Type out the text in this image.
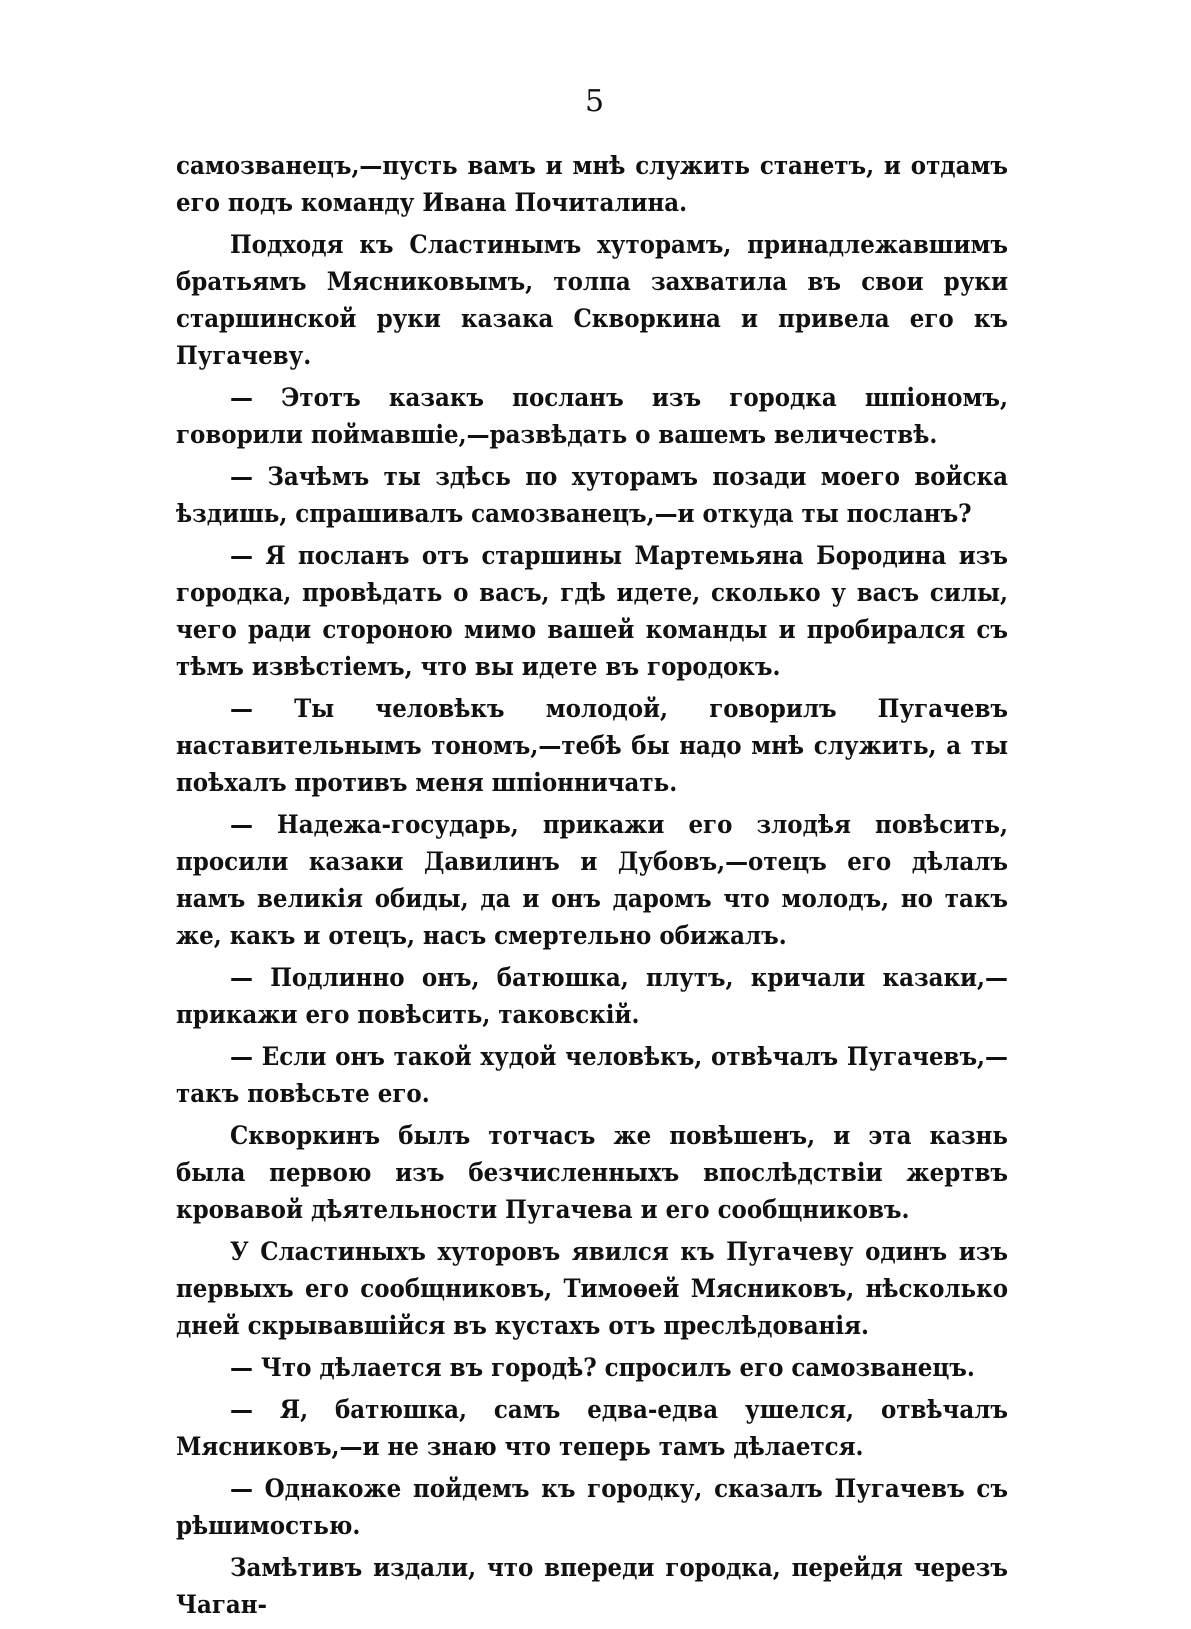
5

самозванецъ,—пусть вамъ и мнѣ служить станетъ, и отдамъ его подъ команду Ивана Почиталина.

Подходя къ Сластинымъ хуторамъ, принадлежавшимъ братьямъ Мясниковымъ, толпа захватила въ свои руки старшинской руки казака Скворкина и привела его къ Пугачеву.

— Этотъ казакъ посланъ изъ городка шпіономъ, говорили поймавшіе,—развѣдать о вашемъ величествѣ.

— Зачѣмъ ты здѣсь по хуторамъ позади моего войска ѣздишь, спрашивалъ самозванецъ,—и откуда ты посланъ?

— Я посланъ отъ старшины Мартемьяна Бородина изъ городка, провѣдать о васъ, гдѣ идете, сколько у васъ силы, чего ради стороною мимо вашей команды и пробирался съ тѣмъ извѣстіемъ, что вы идете въ городокъ.

— Ты человѣкъ молодой, говорилъ Пугачевъ наставительнымъ тономъ,—тебѣ бы надо мнѣ служить, а ты поѣхалъ противъ меня шпіонничать.

— Надежа-государь, прикажи его злодѣя повѣсить, просили казаки Давилинъ и Дубовъ,—отецъ его дѣлалъ намъ великія обиды, да и онъ даромъ что молодъ, но такъ же, какъ и отецъ, насъ смертельно обижалъ.

— Подлинно онъ, батюшка, плутъ, кричали казаки,—прикажи его повѣсить, таковскій.

— Если онъ такой худой человѣкъ, отвѣчалъ Пугачевъ,—такъ повѣсьте его.

Скворкинъ былъ тотчасъ же повѣшенъ, и эта казнь была первою изъ безчисленныхъ впослѣдствіи жертвъ кровавой дѣятельности Пугачева и его сообщниковъ.

У Сластиныхъ хуторовъ явился къ Пугачеву одинъ изъ первыхъ его сообщниковъ, Тимоѳей Мясниковъ, нѣсколько дней скрывавшійся въ кустахъ отъ преслѣдованія.

— Что дѣлается въ городѣ? спросилъ его самозванецъ.

— Я, батюшка, самъ едва-едва ушелся, отвѣчалъ Мясниковъ,—и не знаю что теперь тамъ дѣлается.

— Однакоже пойдемъ къ городку, сказалъ Пугачевъ съ рѣшимостью.

Замѣтивъ издали, что впереди городка, перейдя черезъ Чаган-
